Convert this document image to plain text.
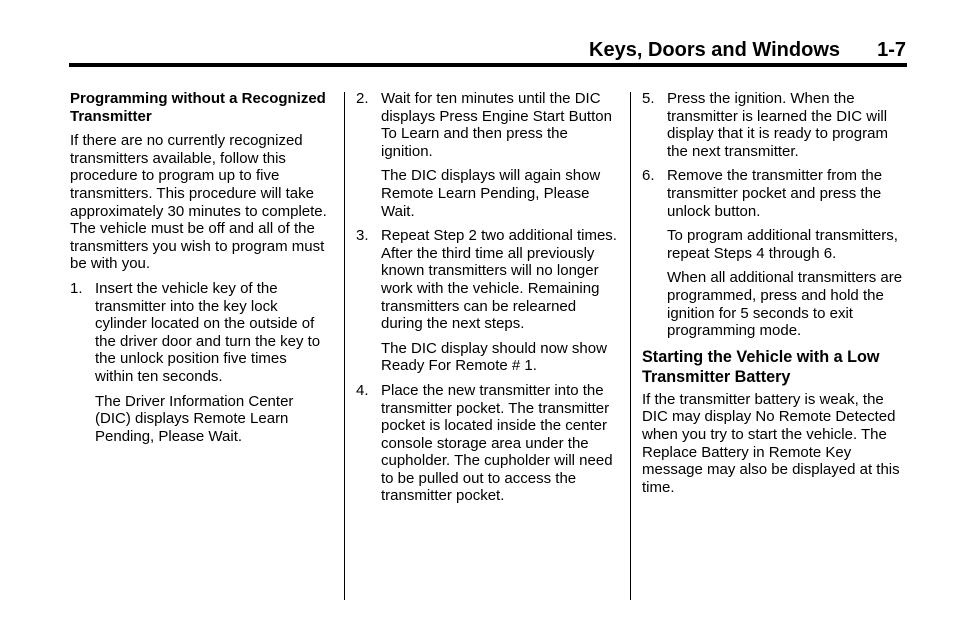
Keys, Doors and Windows	1-7

Programming without a Recognized Transmitter

If there are no currently recognized transmitters available, follow this procedure to program up to five transmitters. This procedure will take approximately 30 minutes to complete. The vehicle must be off and all of the transmitters you wish to program must be with you.

1. Insert the vehicle key of the transmitter into the key lock cylinder located on the outside of the driver door and turn the key to the unlock position five times within ten seconds.

The Driver Information Center (DIC) displays Remote Learn Pending, Please Wait.

2. Wait for ten minutes until the DIC displays Press Engine Start Button To Learn and then press the ignition.

The DIC displays will again show Remote Learn Pending, Please Wait.

3. Repeat Step 2 two additional times. After the third time all previously known transmitters will no longer work with the vehicle. Remaining transmitters can be relearned during the next steps.

The DIC display should now show Ready For Remote # 1.

4. Place the new transmitter into the transmitter pocket. The transmitter pocket is located inside the center console storage area under the cupholder. The cupholder will need to be pulled out to access the transmitter pocket.
5. Press the ignition. When the transmitter is learned the DIC will display that it is ready to program the next transmitter.
6. Remove the transmitter from the transmitter pocket and press the unlock button.

To program additional transmitters, repeat Steps 4 through 6.

When all additional transmitters are programmed, press and hold the ignition for 5 seconds to exit programming mode.

Starting the Vehicle with a Low Transmitter Battery

If the transmitter battery is weak, the DIC may display No Remote Detected when you try to start the vehicle. The Replace Battery in Remote Key message may also be displayed at this time.
